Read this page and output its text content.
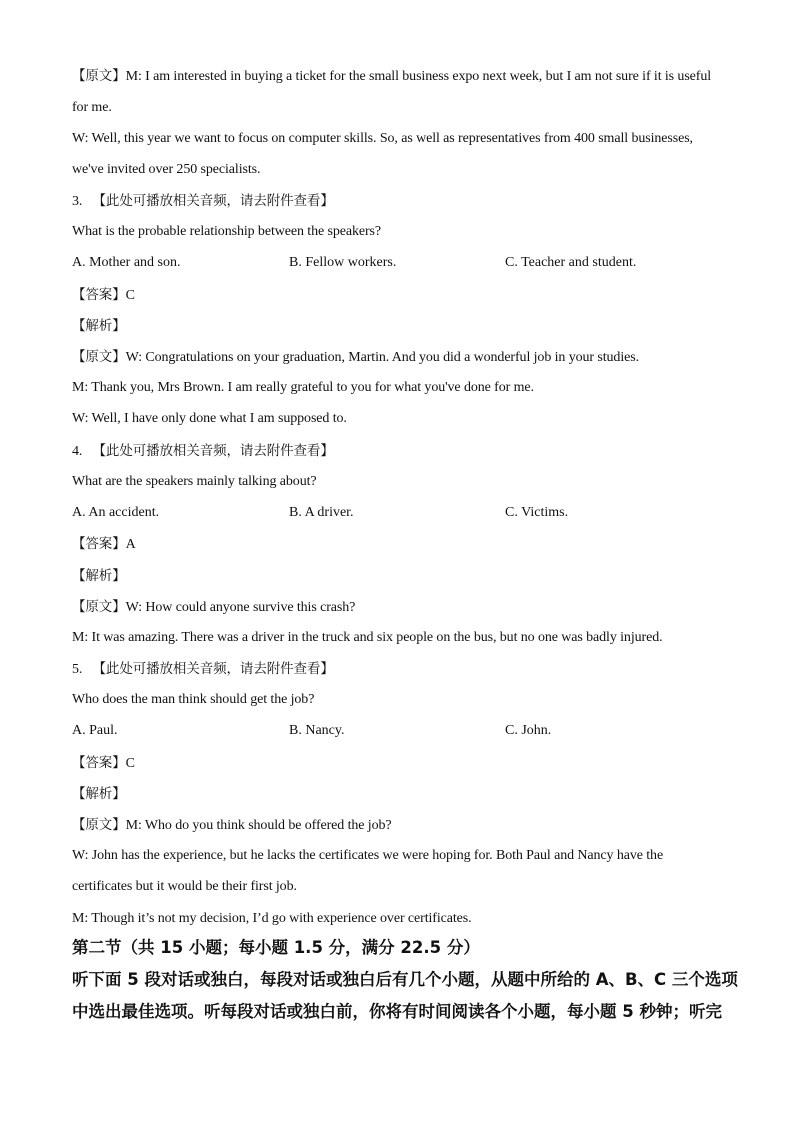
【原文】M: I am interested in buying a ticket for the small business expo next week, but I am not sure if it is useful
for me.
W: Well, this year we want to focus on computer skills. So, as well as representatives from 400 small businesses,
we've invited over 250 specialists.
3. 【此处可播放相关音频，请去附件查看】
What is the probable relationship between the speakers?
A. Mother and son.	B. Fellow workers.	C. Teacher and student.
【答案】C
【解析】
【原文】W: Congratulations on your graduation, Martin. And you did a wonderful job in your studies.
M: Thank you, Mrs Brown. I am really grateful to you for what you've done for me.
W: Well, I have only done what I am supposed to.
4. 【此处可播放相关音频，请去附件查看】
What are the speakers mainly talking about?
A. An accident.	B. A driver.	C. Victims.
【答案】A
【解析】
【原文】W: How could anyone survive this crash?
M: It was amazing. There was a driver in the truck and six people on the bus, but no one was badly injured.
5. 【此处可播放相关音频，请去附件查看】
Who does the man think should get the job?
A. Paul.	B. Nancy.	C. John.
【答案】C
【解析】
【原文】M: Who do you think should be offered the job?
W: John has the experience, but he lacks the certificates we were hoping for. Both Paul and Nancy have the
certificates but it would be their first job.
M: Though it’s not my decision, I’d go with experience over certificates.
第二节（共 15 小题；每小题 1.5 分，满分 22.5 分）
听下面 5 段对话或独白，每段对话或独白后有几个小题，从题中所给的 A、B、C 三个选项
中选出最佳选项。听每段对话或独白前，你将有时间阅读各个小题，每小题 5 秒钟；听完
